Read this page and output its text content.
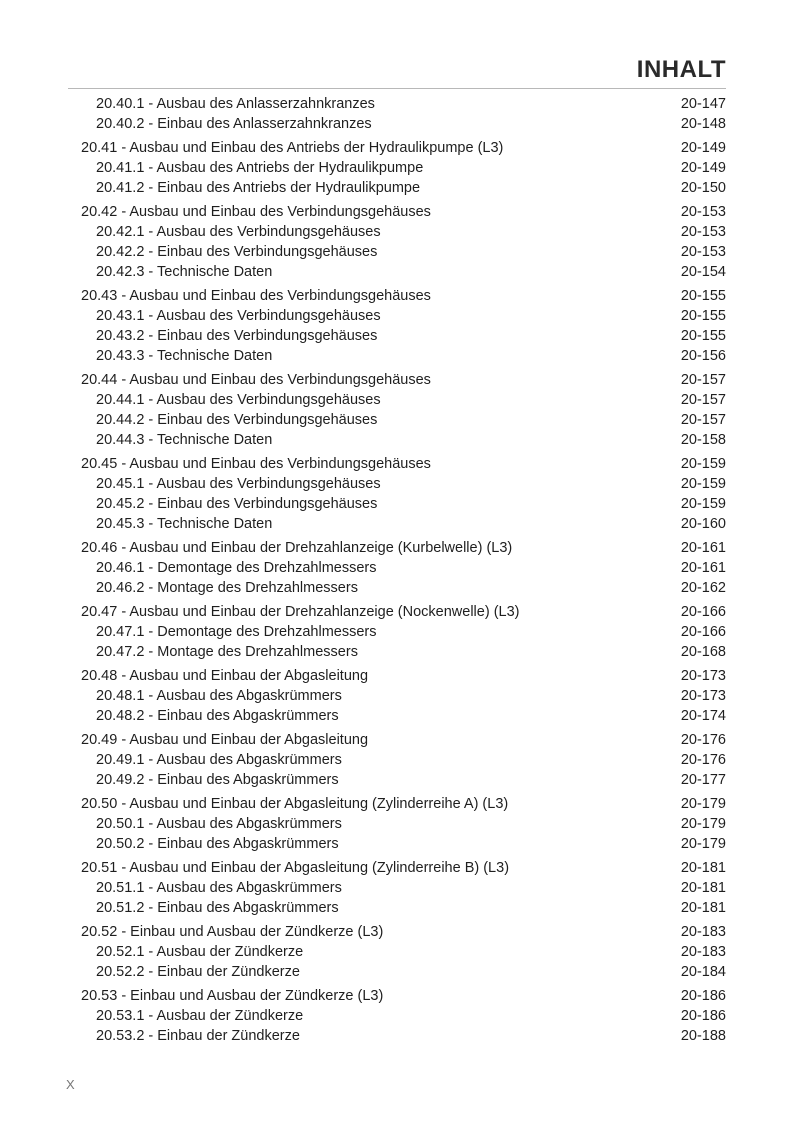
INHALT
20.40.1 - Ausbau des Anlasserzahnkranzes	20-147
20.40.2 - Einbau des Anlasserzahnkranzes	20-148
20.41 - Ausbau und Einbau des Antriebs der Hydraulikpumpe (L3)	20-149
20.41.1 - Ausbau des Antriebs der Hydraulikpumpe	20-149
20.41.2 - Einbau des Antriebs der Hydraulikpumpe	20-150
20.42 - Ausbau und Einbau des Verbindungsgehäuses	20-153
20.42.1 - Ausbau des Verbindungsgehäuses	20-153
20.42.2 - Einbau des Verbindungsgehäuses	20-153
20.42.3 - Technische Daten	20-154
20.43 - Ausbau und Einbau des Verbindungsgehäuses	20-155
20.43.1 - Ausbau des Verbindungsgehäuses	20-155
20.43.2 - Einbau des Verbindungsgehäuses	20-155
20.43.3 - Technische Daten	20-156
20.44 - Ausbau und Einbau des Verbindungsgehäuses	20-157
20.44.1 - Ausbau des Verbindungsgehäuses	20-157
20.44.2 - Einbau des Verbindungsgehäuses	20-157
20.44.3 - Technische Daten	20-158
20.45 - Ausbau und Einbau des Verbindungsgehäuses	20-159
20.45.1 - Ausbau des Verbindungsgehäuses	20-159
20.45.2 - Einbau des Verbindungsgehäuses	20-159
20.45.3 - Technische Daten	20-160
20.46 - Ausbau und Einbau der Drehzahlanzeige (Kurbelwelle) (L3)	20-161
20.46.1 - Demontage des Drehzahlmessers	20-161
20.46.2 - Montage des Drehzahlmessers	20-162
20.47 - Ausbau und Einbau der Drehzahlanzeige (Nockenwelle) (L3)	20-166
20.47.1 - Demontage des Drehzahlmessers	20-166
20.47.2 - Montage des Drehzahlmessers	20-168
20.48 - Ausbau und Einbau der Abgasleitung	20-173
20.48.1 - Ausbau des Abgaskrümmers	20-173
20.48.2 - Einbau des Abgaskrümmers	20-174
20.49 - Ausbau und Einbau der Abgasleitung	20-176
20.49.1 - Ausbau des Abgaskrümmers	20-176
20.49.2 - Einbau des Abgaskrümmers	20-177
20.50 - Ausbau und Einbau der Abgasleitung (Zylinderreihe A) (L3)	20-179
20.50.1 - Ausbau des Abgaskrümmers	20-179
20.50.2 - Einbau des Abgaskrümmers	20-179
20.51 - Ausbau und Einbau der Abgasleitung (Zylinderreihe B) (L3)	20-181
20.51.1 - Ausbau des Abgaskrümmers	20-181
20.51.2 - Einbau des Abgaskrümmers	20-181
20.52 - Einbau und Ausbau der Zündkerze (L3)	20-183
20.52.1 - Ausbau der Zündkerze	20-183
20.52.2 - Einbau der Zündkerze	20-184
20.53 - Einbau und Ausbau der Zündkerze (L3)	20-186
20.53.1 - Ausbau der Zündkerze	20-186
20.53.2 - Einbau der Zündkerze	20-188
X
